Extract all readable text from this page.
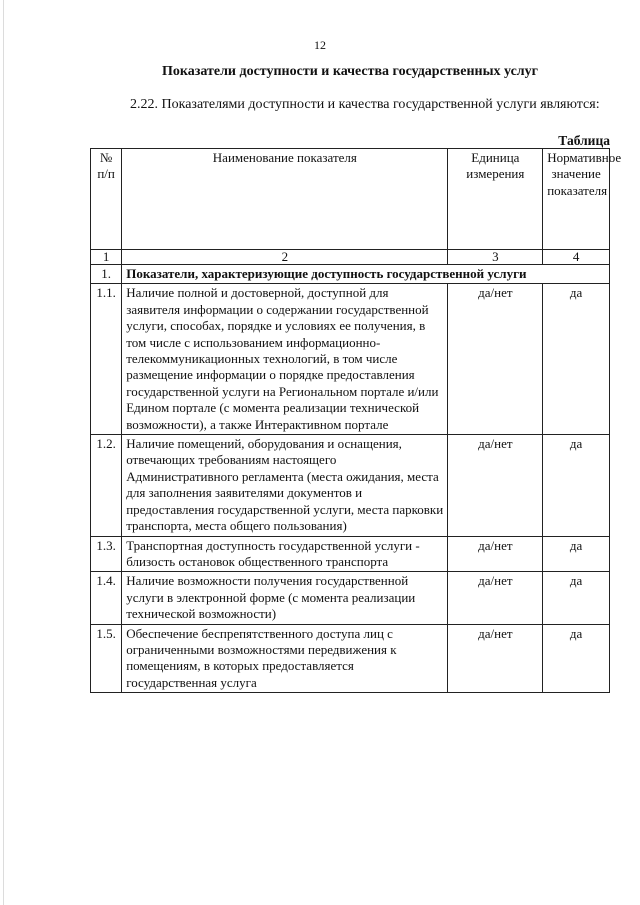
12
Показатели доступности и качества государственных услуг
2.22. Показателями доступности и качества государственной услуги являются:
Таблица
№ п/п	Наименование показателя	Единица измерения	Нормативное значение показателя
1	2	3	4
1.	Показатели, характеризующие доступность государственной услуги		
1.1.	Наличие полной и достоверной, доступной для заявителя информации о содержании государственной услуги, способах, порядке и условиях ее получения, в том числе с использованием информационно-телекоммуникационных технологий, в том числе размещение информации о порядке предоставления государственной услуги на Региональном портале и/или Едином портале (с момента реализации технической возможности), а также Интерактивном портале	да/нет	да
1.2.	Наличие помещений, оборудования и оснащения, отвечающих требованиям настоящего Административного регламента (места ожидания, места для заполнения заявителями документов и предоставления государственной услуги, места парковки транспорта, места общего пользования)	да/нет	да
1.3.	Транспортная доступность государственной услуги - близость остановок общественного транспорта	да/нет	да
1.4.	Наличие возможности получения государственной услуги в электронной форме (с момента реализации технической возможности)	да/нет	да
1.5.	Обеспечение беспрепятственного доступа лиц с ограниченными возможностями передвижения к помещениям, в которых предоставляется государственная услуга	да/нет	да
